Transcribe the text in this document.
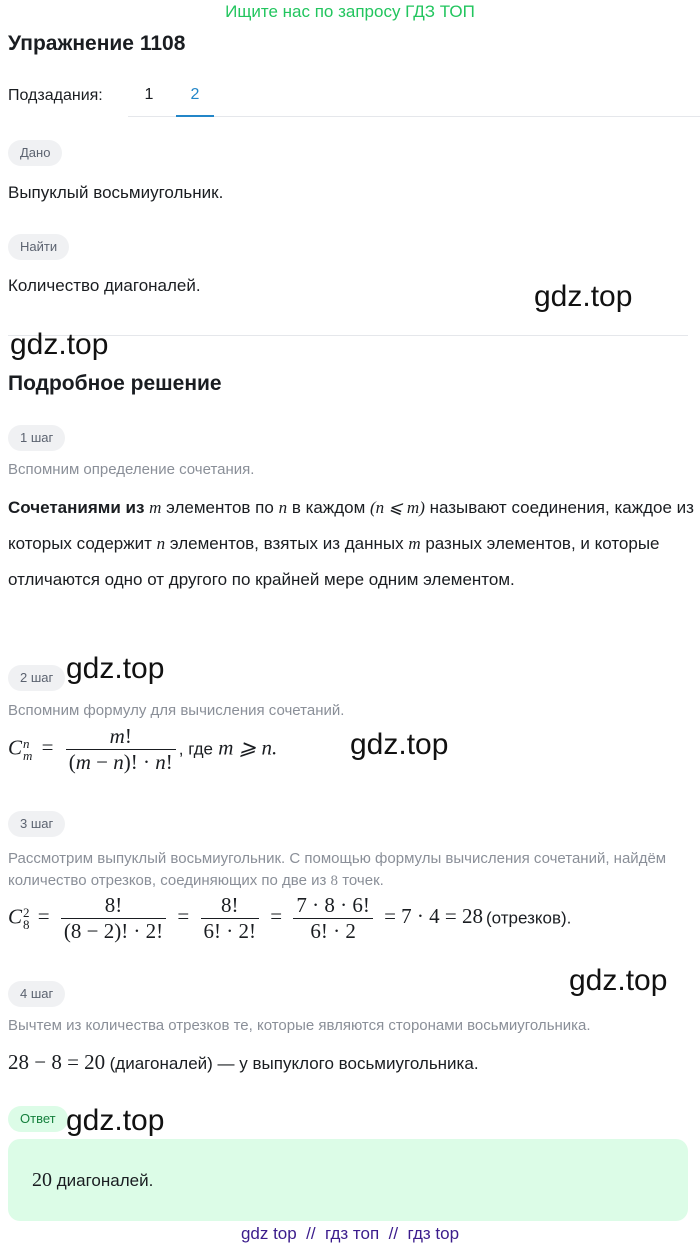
Ищите нас по запросу ГДЗ ТОП
Упражнение 1108
Подзадания:	1	2
Дано
Выпуклый восьмиугольник.
Найти
Количество диагоналей.	gdz.top
gdz.top
Подробное решение
1 шаг
Вспомним определение сочетания.
Сочетаниями из m элементов по n в каждом (n ⩽ m) называют соединения, каждое из которых содержит n элементов, взятых из данных m разных элементов, и которые отличаются одно от другого по крайней мере одним элементом.
2 шаг gdz.top
Вспомним формулу для вычисления сочетаний.
C n
$m = \frac{m!}{(m - n)! \cdot n!}$ , где m ⩾ n. gdz.top
3 шаг
Рассмотрим выпуклый восьмиугольник. С помощью формулы вычисления сочетаний, найдём количество отрезков, соединяющих по две из 8 точек.
C 2
$8 = \frac{8!}{(8 - 2)! \cdot 2!} = \frac{8!}{6! \cdot 2!} = \frac{7 \cdot 8 \cdot 6!}{6! \cdot 2} = 7 \cdot 4 = 28$ (отрезков).
gdz.top
4 шаг
Вычтем из количества отрезков те, которые являются сторонами восьмиугольника.
28 − 8 = 20 (диагоналей) — у выпуклого восьмиугольника.
Ответ gdz.top
20 диагоналей.
gdz top  //  гдз топ  //  гдз top
